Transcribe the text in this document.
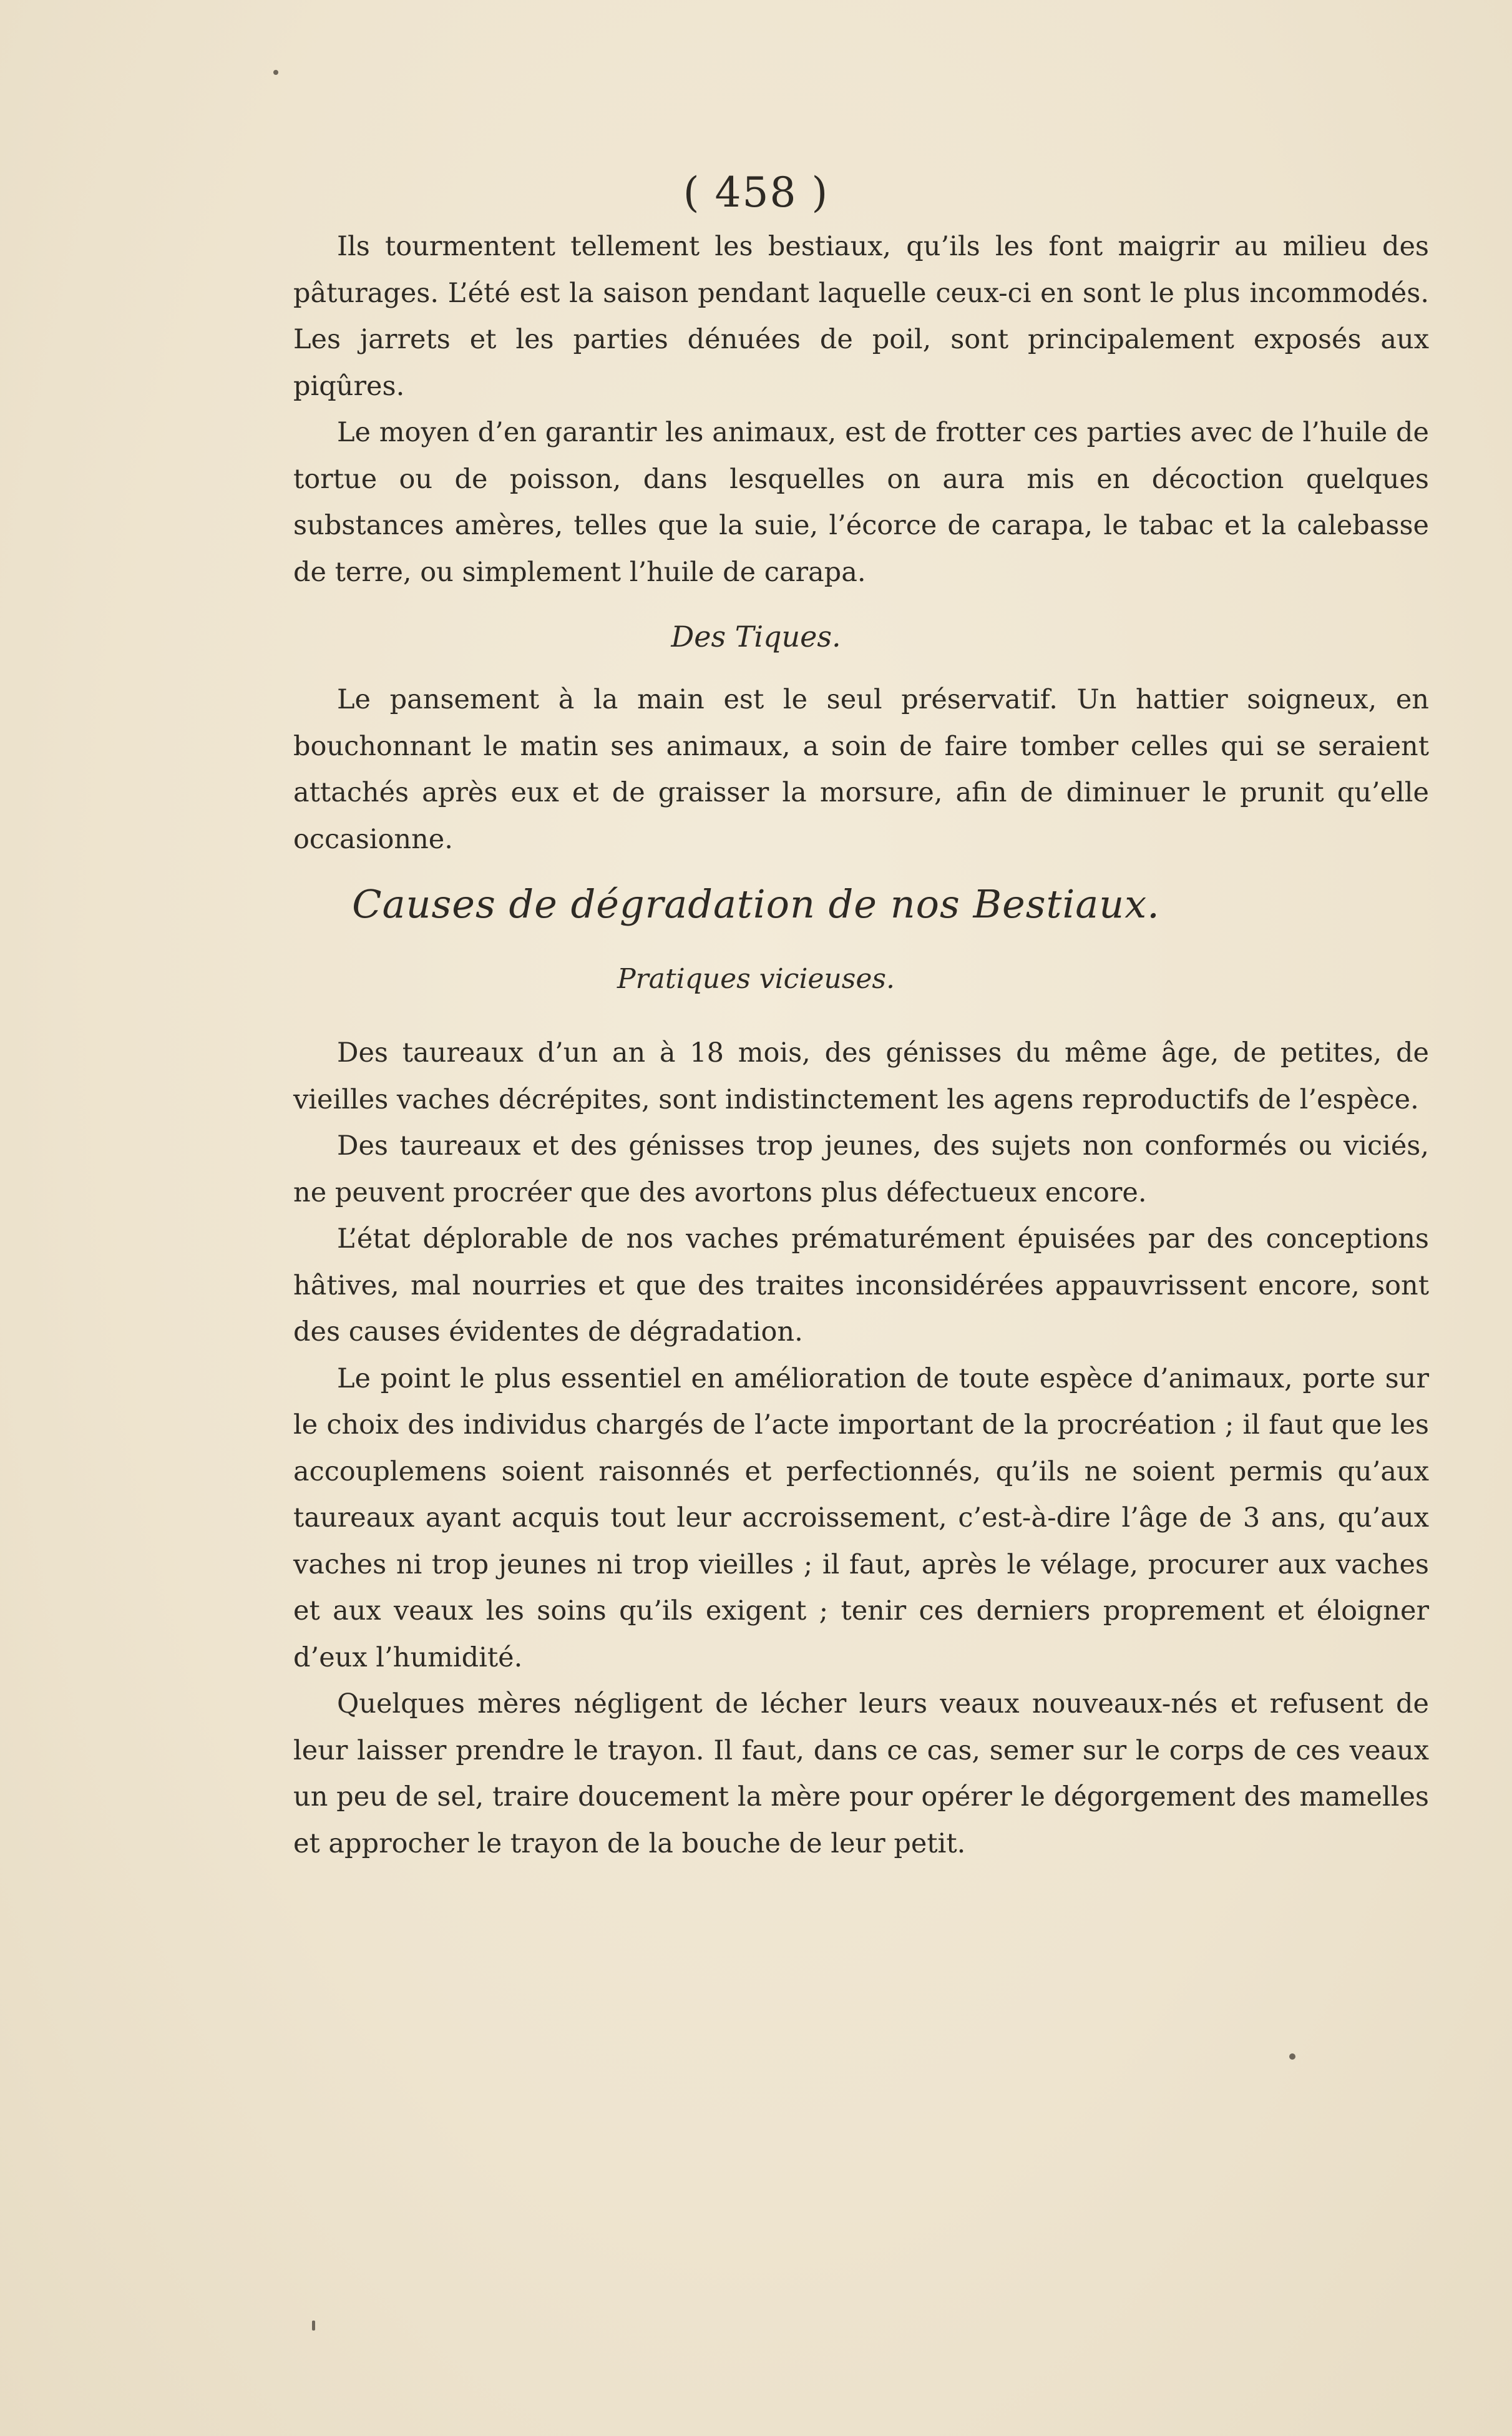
( 458 )

Ils tourmentent tellement les bestiaux, qu’ils les font maigrir au milieu des pâturages. L’été est la saison pendant laquelle ceux-ci en sont le plus incommodés. Les jarrets et les parties dénuées de poil, sont principalement exposés aux piqûres.

Le moyen d’en garantir les animaux, est de frotter ces parties avec de l’huile de tortue ou de poisson, dans lesquelles on aura mis en décoction quelques substances amères, telles que la suie, l’écorce de carapa, le tabac et la calebasse de terre, ou simplement l’huile de carapa.

Des Tiques.

Le pansement à la main est le seul préservatif. Un hattier soigneux, en bouchonnant le matin ses animaux, a soin de faire tomber celles qui se seraient attachés après eux et de graisser la morsure, afin de diminuer le prunit qu’elle occasionne.

Causes de dégradation de nos Bestiaux.
Pratiques vicieuses.

Des taureaux d’un an à 18 mois, des génisses du même âge, de petites, de vieilles vaches décrépites, sont indistinctement les agens reproductifs de l’espèce.

Des taureaux et des génisses trop jeunes, des sujets non conformés ou viciés, ne peuvent procréer que des avortons plus défectueux encore.

L’état déplorable de nos vaches prématurément épuisées par des conceptions hâtives, mal nourries et que des traites inconsidérées appauvrissent encore, sont des causes évidentes de dégradation.

Le point le plus essentiel en amélioration de toute espèce d’animaux, porte sur le choix des individus chargés de l’acte important de la procréation ; il faut que les accouplemens soient raisonnés et perfectionnés, qu’ils ne soient permis qu’aux taureaux ayant acquis tout leur accroissement, c’est-à-dire l’âge de 3 ans, qu’aux vaches ni trop jeunes ni trop vieilles ; il faut, après le vélage, procurer aux vaches et aux veaux les soins qu’ils exigent ; tenir ces derniers proprement et éloigner d’eux l’humidité.

Quelques mères négligent de lécher leurs veaux nouveaux-nés et refusent de leur laisser prendre le trayon. Il faut, dans ce cas, semer sur le corps de ces veaux un peu de sel, traire doucement la mère pour opérer le dégorgement des mamelles et approcher le trayon de la bouche de leur petit.
